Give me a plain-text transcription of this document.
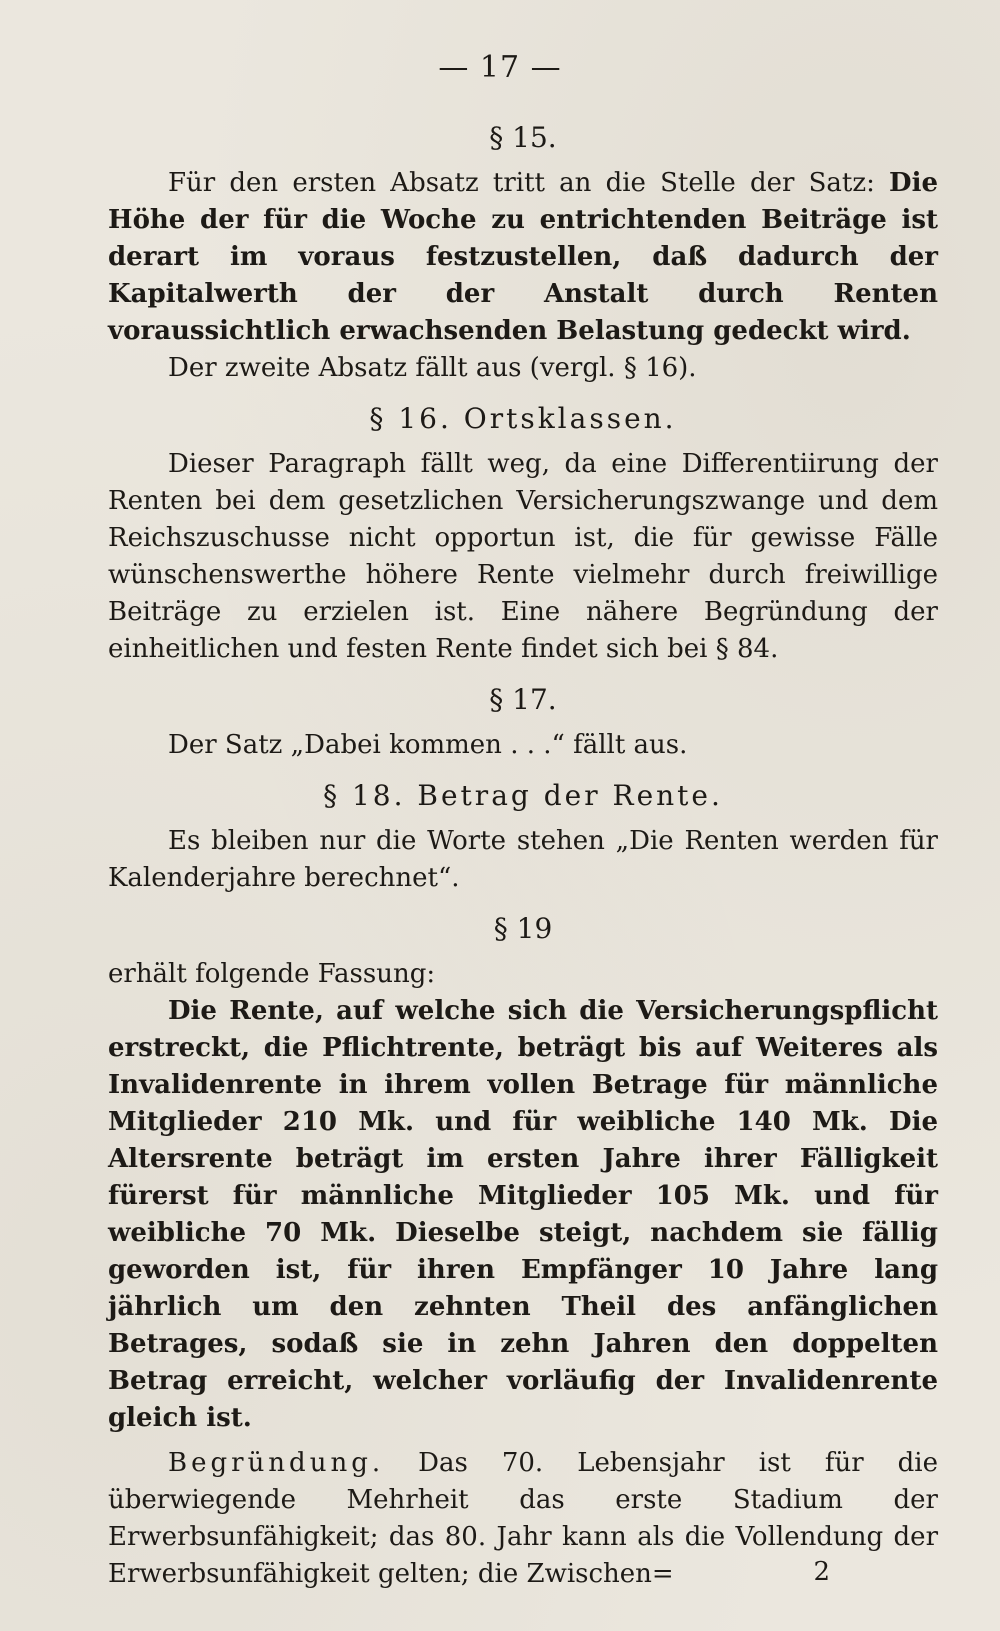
— 17 —
§ 15.

Für den ersten Absatz tritt an die Stelle der Satz: Die Höhe der für die Woche zu entrichtenden Beiträge ist derart im voraus festzustellen, daß dadurch der Kapitalwerth der der Anstalt durch Renten voraussichtlich erwachsenden Belastung gedeckt wird.

Der zweite Absatz fällt aus (vergl. § 16).

§ 16. Ortsklassen.

Dieser Paragraph fällt weg, da eine Differentiirung der Renten bei dem gesetzlichen Versicherungszwange und dem Reichszuschusse nicht opportun ist, die für gewisse Fälle wünschenswerthe höhere Rente vielmehr durch freiwillige Beiträge zu erzielen ist. Eine nähere Begründung der einheitlichen und festen Rente findet sich bei § 84.

§ 17.

Der Satz „Dabei kommen . . .“ fällt aus.

§ 18. Betrag der Rente.

Es bleiben nur die Worte stehen „Die Renten werden für Kalenderjahre berechnet“.

§ 19

erhält folgende Fassung:

Die Rente, auf welche sich die Versicherungspflicht erstreckt, die Pflichtrente, beträgt bis auf Weiteres als Invalidenrente in ihrem vollen Betrage für männliche Mitglieder 210 Mk. und für weibliche 140 Mk. Die Altersrente beträgt im ersten Jahre ihrer Fälligkeit fürerst für männliche Mitglieder 105 Mk. und für weibliche 70 Mk. Dieselbe steigt, nachdem sie fällig geworden ist, für ihren Empfänger 10 Jahre lang jährlich um den zehnten Theil des anfänglichen Betrages, sodaß sie in zehn Jahren den doppelten Betrag erreicht, welcher vorläufig der Invalidenrente gleich ist.

Begründung. Das 70. Lebensjahr ist für die überwiegende Mehrheit das erste Stadium der Erwerbsunfähigkeit; das 80. Jahr kann als die Vollendung der Erwerbsunfähigkeit gelten; die Zwischen=	2
